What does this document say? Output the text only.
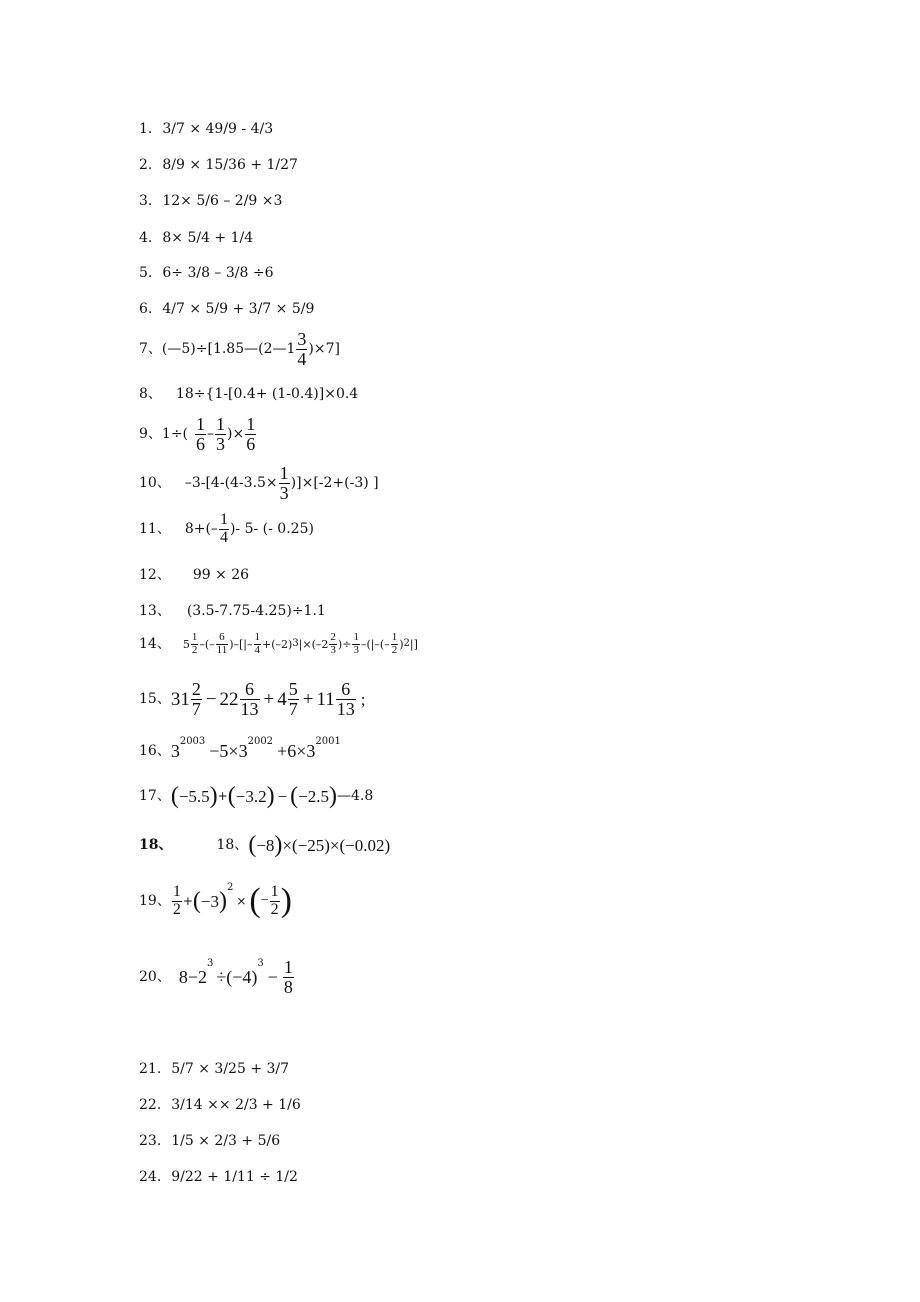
1. 3/7 × 49/9 - 4/3
2. 8/9 × 15/36 + 1/27
3. 12× 5/6 – 2/9 ×3
4. 8× 5/4 + 1/4
5. 6÷ 3/8 – 3/8 ÷6
6. 4/7 × 5/9 + 3/7 × 5/9
7、 (—5)÷[1.85—(2—1 $\frac{3}{4} )\times 7$]
8、 18÷{1-[0.4+ (1-0.4)]×0.4
9、 $1\div( \frac{1}{6} - \frac{1}{3}$ )× $\frac{1}{6}$
10、 $-3-[4-(4-3.5\times \frac{1}{3} )]\times[-2+(-3)$ ]
11、 $8+(- \frac{1}{4}$ )- 5- (- 0.25)
12、 99 × 26
13、 (3.5-7.75-4.25)÷1.1
14、 $5 \frac{1}{2}$ –(– $\frac{6}{11}$ )–[|– $\frac{1}{4} +(-2)$ 3 $|\times(-2 \frac{2}{3}$ )÷ $\frac{1}{3}$ –(|–(– $\frac{1}{2}$ ) 2 |]
15、 $31 \frac{2}{7} - 22 \frac{6}{13} + 4 \frac{5}{7} + 11 \frac{6}{13}$ ;
16、 3 2003 −5×3 2002 +6×3 2001
17、 ( −5.5 ) + ( −3.2 ) − ( −2.5 ) —4.8
18、	18、 ( −8 ) ×(−25)×(−0.02)
19、 $\frac{1}{2}$ + ( −3 )
2
× ( − $\frac{1}{2}$ )
20、 8−2
3
÷(−4)
3
− $\frac{1}{8}$
21. 5/7 × 3/25 + 3/7
22. 3/14 ×× 2/3 + 1/6
23. 1/5 × 2/3 + 5/6
24. 9/22 + 1/11 ÷ 1/2
